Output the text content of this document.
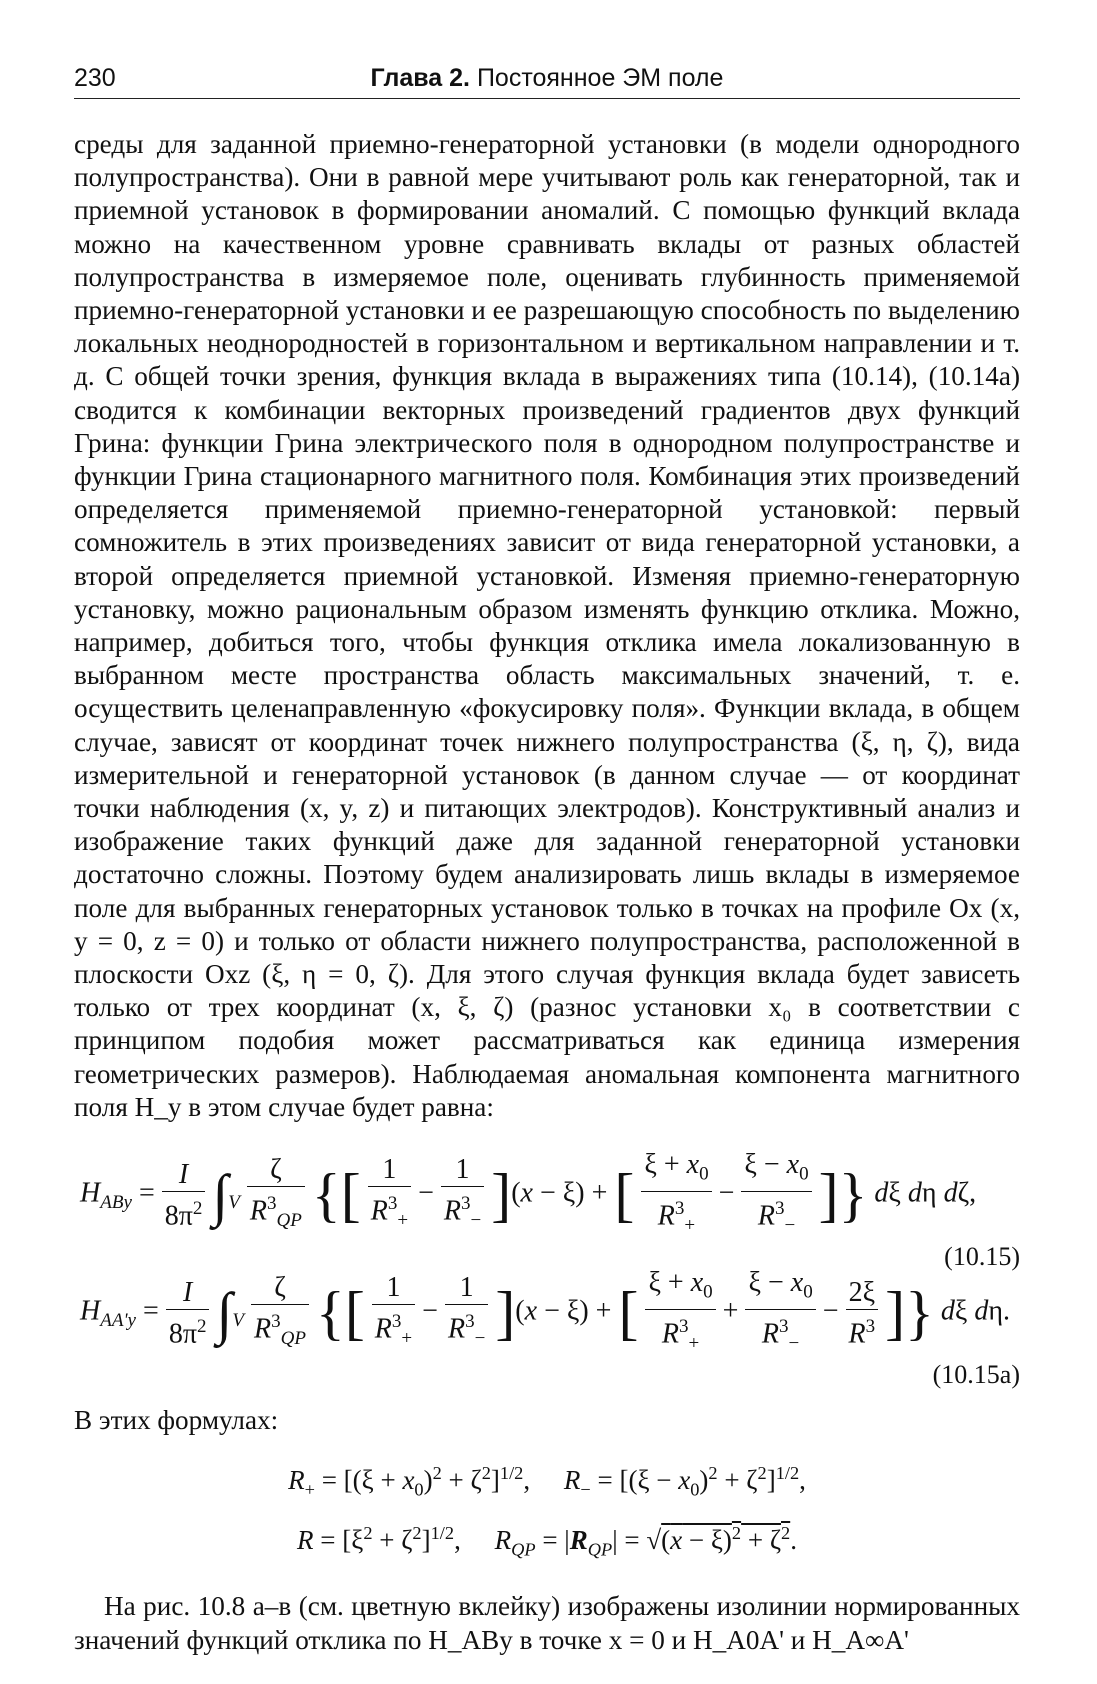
230	Глава 2. Постоянное ЭМ поле

среды для заданной приемно-генераторной установки (в модели однородного полупространства). Они в равной мере учитывают роль как генераторной, так и приемной установок в формировании аномалий. С помощью функций вклада можно на качественном уровне сравнивать вклады от разных областей полупространства в измеряемое поле, оценивать глубинность применяемой приемно-генераторной установки и ее разрешающую способность по выделению локальных неоднородностей в горизонтальном и вертикальном направлении и т. д. С общей точки зрения, функция вклада в выражениях типа (10.14), (10.14а) сводится к комбинации векторных произведений градиентов двух функций Грина: функции Грина электрического поля в однородном полупространстве и функции Грина стационарного магнитного поля. Комбинация этих произведений определяется применяемой приемно-генераторной установкой: первый сомножитель в этих произведениях зависит от вида генераторной установки, а второй определяется приемной установкой. Изменяя приемно-генераторную установку, можно рациональным образом изменять функцию отклика. Можно, например, добиться того, чтобы функция отклика имела локализованную в выбранном месте пространства область максимальных значений, т. е. осуществить целенаправленную «фокусировку поля». Функции вклада, в общем случае, зависят от координат точек нижнего полупространства (ξ, η, ζ), вида измерительной и генераторной установок (в данном случае — от координат точки наблюдения (x, y, z) и питающих электродов). Конструктивный анализ и изображение таких функций даже для заданной генераторной установки достаточно сложны. Поэтому будем анализировать лишь вклады в измеряемое поле для выбранных генераторных установок только в точках на профиле Ox (x, y = 0, z = 0) и только от области нижнего полупространства, расположенной в плоскости Oxz (ξ, η = 0, ζ). Для этого случая функция вклада будет зависеть только от трех координат (x, ξ, ζ) (разнос установки x₀ в соответствии с принципом подобия может рассматриваться как единица измерения геометрических размеров). Наблюдаемая аномальная компонента магнитного поля H_y в этом случае будет равна:

$H_{ABy} = \frac{I}{8\pi^2} \int_V \frac{\zeta}{R^3_{QP}}$ {[ $\frac{1}{R^3_+} - \frac{1}{R^3_-} ](x - \xi)$ + [ $\frac{\xi + x_0}{R^3_+} - \frac{\xi - x_0}{R^3_-}$ ]} dξ dη dζ,
(10.15)
$H_{AA'y} = \frac{I}{8\pi^2} \int_V \frac{\zeta}{R^3_{QP}}$ {[ $\frac{1}{R^3_+} - \frac{1}{R^3_-} ](x - \xi)$ + [ $\frac{\xi + x_0}{R^3_+} + \frac{\xi - x_0}{R^3_-} - \frac{2\xi}{R^3}$ ]} dξ dη.
(10.15a)

В этих формулах:

$R_+ = [(\xi + x_0)^2 + \zeta^2]^{1/2}$,     $R_- = [(\xi - x_0)^2 + \zeta^2]^{1/2}$,
$R = [\xi^2 + \zeta^2]^{1/2}$,     $R_{QP} = |R_{QP}| = √(x - \xi)^2 + \zeta^2$.

На рис. 10.8 а–в (см. цветную вклейку) изображены изолинии нормированных значений функций отклика по H_ABy в точке x = 0 и H_A0A' и H_A∞A'
